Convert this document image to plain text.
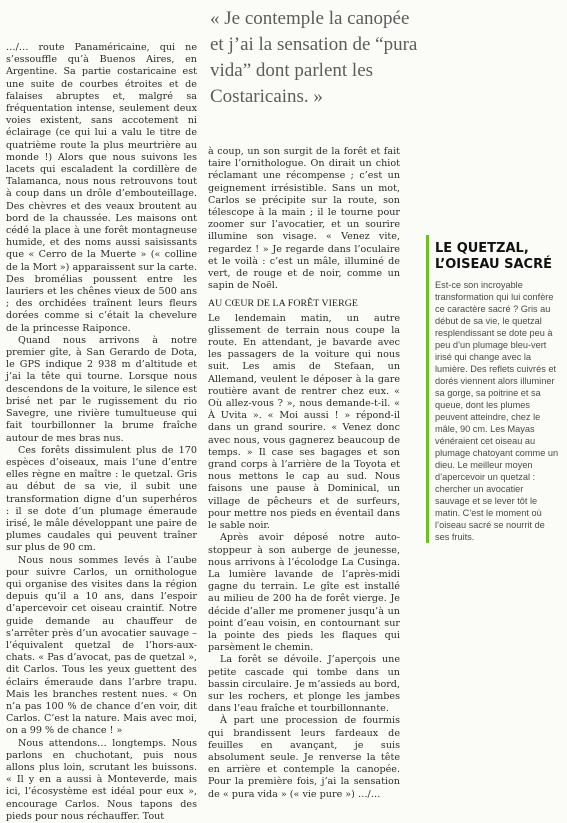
« Je contemple la canopée et j’ai la sensation de “pura vida” dont parlent les Costaricains. »

…/… route Panaméricaine, qui ne s’essouffle qu’à Buenos Aires, en Argentine. Sa partie costaricaine est une suite de courbes étroites et de falaises abruptes et, malgré sa fréquentation intense, seulement deux voies existent, sans accotement ni éclairage (ce qui lui a valu le titre de quatrième route la plus meurtrière au monde !) Alors que nous suivons les lacets qui escaladent la cordillère de Talamanca, nous nous retrouvons tout à coup dans un drôle d’embouteillage. Des chèvres et des veaux broutent au bord de la chaussée. Les maisons ont cédé la place à une forêt montagneuse humide, et des noms aussi saisissants que « Cerro de la Muerte » (« colline de la Mort ») apparaissent sur la carte. Des bromélias poussent entre les lauriers et les chênes vieux de 500 ans ; des orchidées traînent leurs fleurs dorées comme si c’était la chevelure de la princesse Raiponce.

Quand nous arrivons à notre premier gîte, à San Gerardo de Dota, le GPS indique 2 938 m d’altitude et j’ai la tête qui tourne. Lorsque nous descendons de la voiture, le silence est brisé net par le rugissement du rio Savegre, une rivière tumultueuse qui fait tourbillonner la brume fraîche autour de mes bras nus.

Ces forêts dissimulent plus de 170 espèces d’oiseaux, mais l’une d’entre elles règne en maître : le quetzal. Gris au début de sa vie, il subit une transformation digne d’un superhéros : il se dote d’un plumage émeraude irisé, le mâle développant une paire de plumes caudales qui peuvent traîner sur plus de 90 cm.

Nous nous sommes levés à l’aube pour suivre Carlos, un ornithologue qui organise des visites dans la région depuis qu’il a 10 ans, dans l’espoir d’apercevoir cet oiseau craintif. Notre guide demande au chauffeur de s’arrêter près d’un avocatier sauvage – l’équivalent quetzal de l’hors-aux-chats. « Pas d’avocat, pas de quetzal », dit Carlos. Tous les yeux guettent des éclairs émeraude dans l’arbre trapu. Mais les branches restent nues. « On n’a pas 100 % de chance d’en voir, dit Carlos. C’est la nature. Mais avec moi, on a 99 % de chance ! »

Nous attendons… longtemps. Nous parlons en chuchotant, puis nous allons plus loin, scrutant les buissons. « Il y en a aussi à Monteverde, mais ici, l’écosystème est idéal pour eux », encourage Carlos. Nous tapons des pieds pour nous réchauffer. Tout

à coup, un son surgit de la forêt et fait taire l’ornithologue. On dirait un chiot réclamant une récompense ; c’est un geignement irrésistible. Sans un mot, Carlos se précipite sur la route, son télescope à la main ; il le tourne pour zoomer sur l’avocatier, et un sourire illumine son visage. « Venez vite, regardez ! » Je regarde dans l’oculaire et le voilà : c’est un mâle, illuminé de vert, de rouge et de noir, comme un sapin de Noël.

AU CŒUR DE LA FORÊT VIERGE

Le lendemain matin, un autre glissement de terrain nous coupe la route. En attendant, je bavarde avec les passagers de la voiture qui nous suit. Les amis de Stefaan, un Allemand, veulent le déposer à la gare routière avant de rentrer chez eux. « Où allez-vous ? », nous demande-t-il. « À Uvita ». « Moi aussi ! » répond-il dans un grand sourire. « Venez donc avec nous, vous gagnerez beaucoup de temps. » Il case ses bagages et son grand corps à l’arrière de la Toyota et nous mettons le cap au sud. Nous faisons une pause à Dominical, un village de pêcheurs et de surfeurs, pour mettre nos pieds en éventail dans le sable noir.

Après avoir déposé notre auto-stoppeur à son auberge de jeunesse, nous arrivons à l’écolodge La Cusinga. La lumière lavande de l’après-midi gagne du terrain. Le gîte est installé au milieu de 200 ha de forêt vierge. Je décide d’aller me promener jusqu’à un point d’eau voisin, en contournant sur la pointe des pieds les flaques qui parsèment le chemin.

La forêt se dévoile. J’aperçois une petite cascade qui tombe dans un bassin circulaire. Je m’assieds au bord, sur les rochers, et plonge les jambes dans l’eau fraîche et tourbillonnante.

À part une procession de fourmis qui brandissent leurs fardeaux de feuilles en avançant, je suis absolument seule. Je renverse la tête en arrière et contemple la canopée. Pour la première fois, j’ai la sensation de « pura vida » (« vie pure ») …/…

LE QUETZAL, L’OISEAU SACRÉ
Est-ce son incroyable transformation qui lui confère ce caractère sacré ? Gris au début de sa vie, le quetzal resplendissant se dote peu à peu d’un plumage bleu-vert irisé qui change avec la lumière. Des reflets cuivrés et dorés viennent alors illuminer sa gorge, sa poitrine et sa queue, dont les plumes peuvent atteindre, chez le mâle, 90 cm. Les Mayas vénéraient cet oiseau au plumage chatoyant comme un dieu. Le meilleur moyen d’apercevoir un quetzal : chercher un avocatier sauvage et se lever tôt le matin. C’est le moment où l’oiseau sacré se nourrit de ses fruits.
